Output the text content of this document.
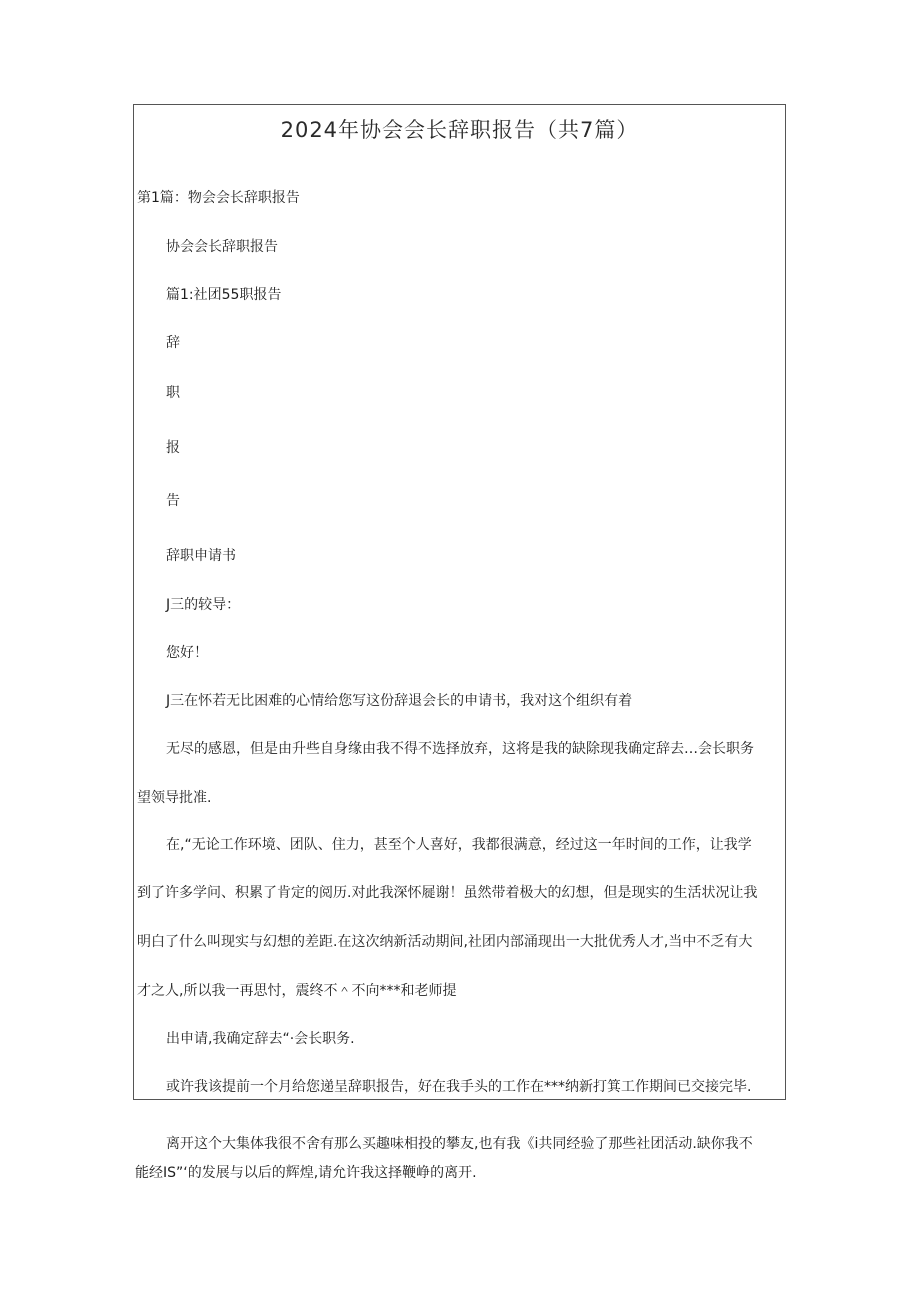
2024年协会会长辞职报告（共7篇）
第1篇：物会会长辞职报告
协会会长辞职报告
篇1:社团55职报告
辞
职
报
告
辞职申请书
J三的较导：
您好！
J三在怀若无比困难的心情给您写这份辞退会长的申请书，我对这个组织有着
无尽的感恩，但是由升些自身缘由我不得不选择放弃，这将是我的缺除现我确定辞去…会长职务
望领导批准.
在,“无论工作环境、团队、住力，甚至个人喜好，我都很满意，经过这一年时间的工作，让我学
到了许多学问、积累了肯定的阅历.对此我深怀屣谢！虽然带着极大的幻想，但是现实的生活状况让我
明白了什么叫现实与幻想的差距.在这次纳新活动期间,社团内部涌现出一大批优秀人才,当中不乏有大
才之人,所以我一再思忖，震终不＾不向***和老师提
出申请,我确定辞去“·会长职务.
或许我该提前一个月给您递呈辞职报告，好在我手头的工作在***纳新打箕工作期间已交接完毕.
离开这个大集体我很不舍有那么买趣味相投的攀友,也有我《i共同经验了那些社团活动.缺你我不
能经IS”‘的发展与以后的辉煌,请允许我这择鞭峥的离开.
